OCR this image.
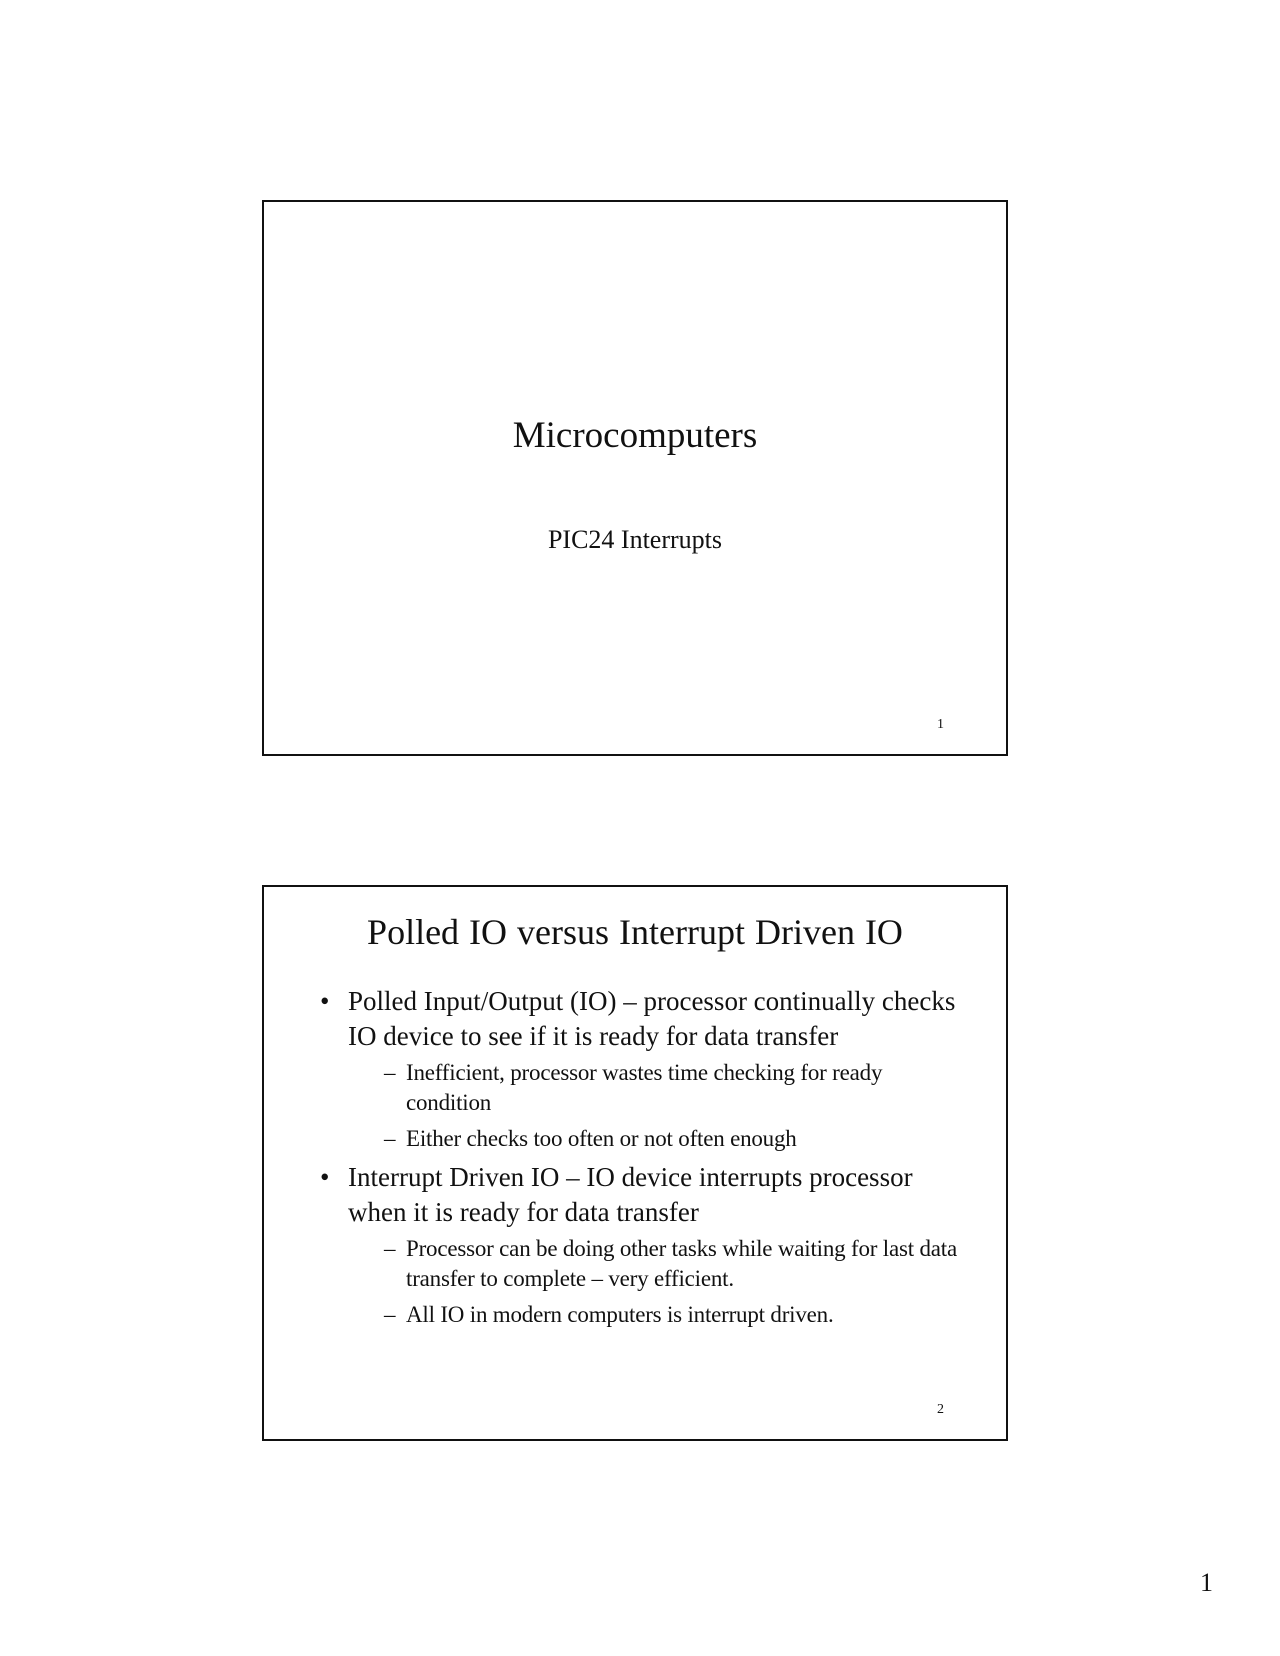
Microcomputers
PIC24 Interrupts
1
Polled IO versus Interrupt Driven IO
• Polled Input/Output (IO) – processor continually checks IO device to see if it is ready for data transfer
– Inefficient, processor wastes time checking for ready condition
– Either checks too often or not often enough
• Interrupt Driven IO – IO device interrupts processor when it is ready for data transfer
– Processor can be doing other tasks while waiting for last data transfer to complete – very efficient.
– All IO in modern computers is interrupt driven.
2
1
